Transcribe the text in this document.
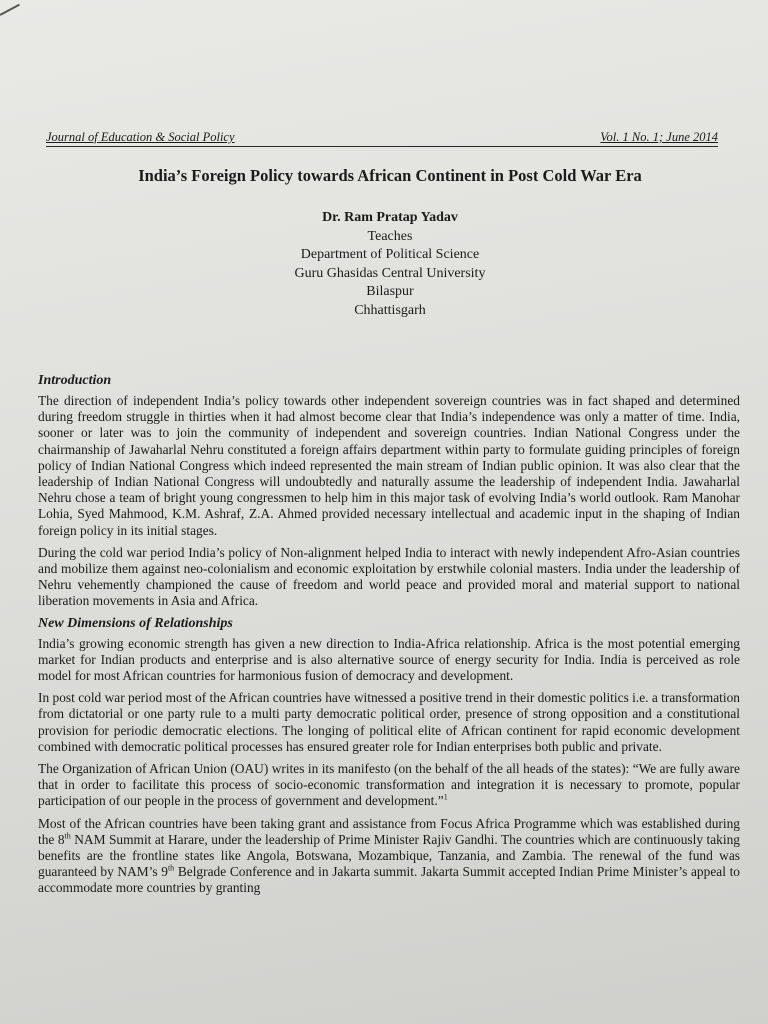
Journal of Education & Social Policy	Vol. 1 No. 1; June 2014
India’s Foreign Policy towards African Continent in Post Cold War Era
Dr. Ram Pratap Yadav
Teaches
Department of Political Science
Guru Ghasidas Central University
Bilaspur
Chhattisgarh
Introduction

The direction of independent India’s policy towards other independent sovereign countries was in fact shaped and determined during freedom struggle in thirties when it had almost become clear that India’s independence was only a matter of time. India, sooner or later was to join the community of independent and sovereign countries. Indian National Congress under the chairmanship of Jawaharlal Nehru constituted a foreign affairs department within party to formulate guiding principles of foreign policy of Indian National Congress which indeed represented the main stream of Indian public opinion. It was also clear that the leadership of Indian National Congress will undoubtedly and naturally assume the leadership of independent India. Jawaharlal Nehru chose a team of bright young congressmen to help him in this major task of evolving India’s world outlook. Ram Manohar Lohia, Syed Mahmood, K.M. Ashraf, Z.A. Ahmed provided necessary intellectual and academic input in the shaping of Indian foreign policy in its initial stages.

During the cold war period India’s policy of Non-alignment helped India to interact with newly independent Afro-Asian countries and mobilize them against neo-colonialism and economic exploitation by erstwhile colonial masters. India under the leadership of Nehru vehemently championed the cause of freedom and world peace and provided moral and material support to national liberation movements in Asia and Africa.

New Dimensions of Relationships

India’s growing economic strength has given a new direction to India-Africa relationship. Africa is the most potential emerging market for Indian products and enterprise and is also alternative source of energy security for India. India is perceived as role model for most African countries for harmonious fusion of democracy and development.

In post cold war period most of the African countries have witnessed a positive trend in their domestic politics i.e. a transformation from dictatorial or one party rule to a multi party democratic political order, presence of strong opposition and a constitutional provision for periodic democratic elections. The longing of political elite of African continent for rapid economic development combined with democratic political processes has ensured greater role for Indian enterprises both public and private.

The Organization of African Union (OAU) writes in its manifesto (on the behalf of the all heads of the states): “We are fully aware that in order to facilitate this process of socio-economic transformation and integration it is necessary to promote, popular participation of our people in the process of government and development.”$^1$

Most of the African countries have been taking grant and assistance from Focus Africa Programme which was established during the 8th NAM Summit at Harare, under the leadership of Prime Minister Rajiv Gandhi. The countries which are continuously taking benefits are the frontline states like Angola, Botswana, Mozambique, Tanzania, and Zambia. The renewal of the fund was guaranteed by NAM’s 9th Belgrade Conference and in Jakarta summit. Jakarta Summit accepted Indian Prime Minister’s appeal to accommodate more countries by granting
